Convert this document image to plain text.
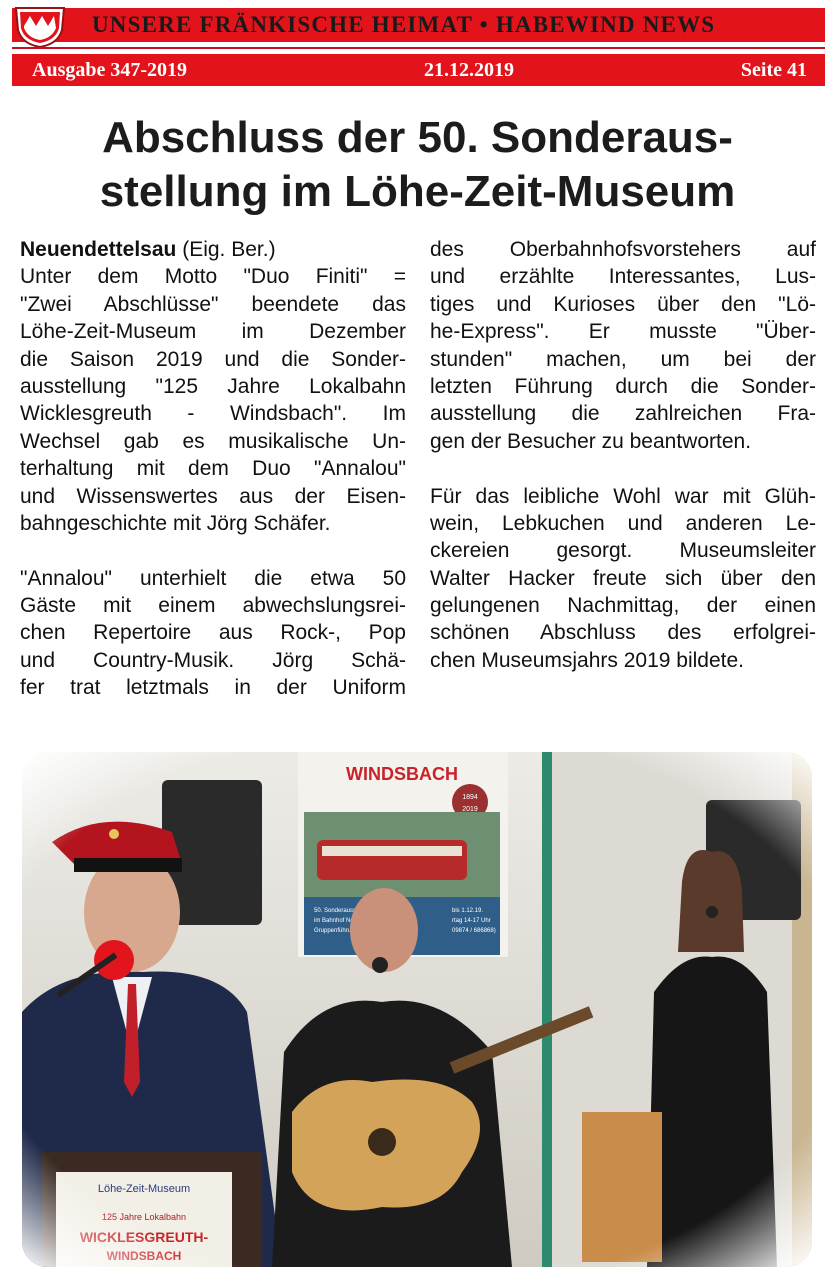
UNSERE FRÄNKISCHE HEIMAT • HABEWIND NEWS
Ausgabe 347-2019	21.12.2019	Seite 41
Abschluss der 50. Sonderaus-
stellung im Löhe-Zeit-Museum
Neuendettelsau (Eig. Ber.)
Unter dem Motto "Duo Finiti" =
"Zwei Abschlüsse" beendete das
Löhe-Zeit-Museum im Dezember
die Saison 2019 und die Sonder-
ausstellung "125 Jahre Lokalbahn
Wicklesgreuth - Windsbach". Im
Wechsel gab es musikalische Un-
terhaltung mit dem Duo "Annalou"
und Wissenswertes aus der Eisen-
bahngeschichte mit Jörg Schäfer.
"Annalou" unterhielt die etwa 50
Gäste mit einem abwechslungsrei-
chen Repertoire aus Rock-, Pop
und Country-Musik. Jörg Schä-
fer trat letztmals in der Uniform
des Oberbahnhofsvorstehers auf
und erzählte Interessantes, Lus-
tiges und Kurioses über den "Lö-
he-Express". Er musste "Über-
stunden" machen, um bei der
letzten Führung durch die Sonder-
ausstellung die zahlreichen Fra-
gen der Besucher zu beantworten.
Für das leibliche Wohl war mit Glüh-
wein, Lebkuchen und anderen Le-
ckereien gesorgt. Museumsleiter
Walter Hacker freute sich über den
gelungenen Nachmittag, der einen
schönen Abschluss des erfolgrei-
chen Museumsjahrs 2019 bildete.
